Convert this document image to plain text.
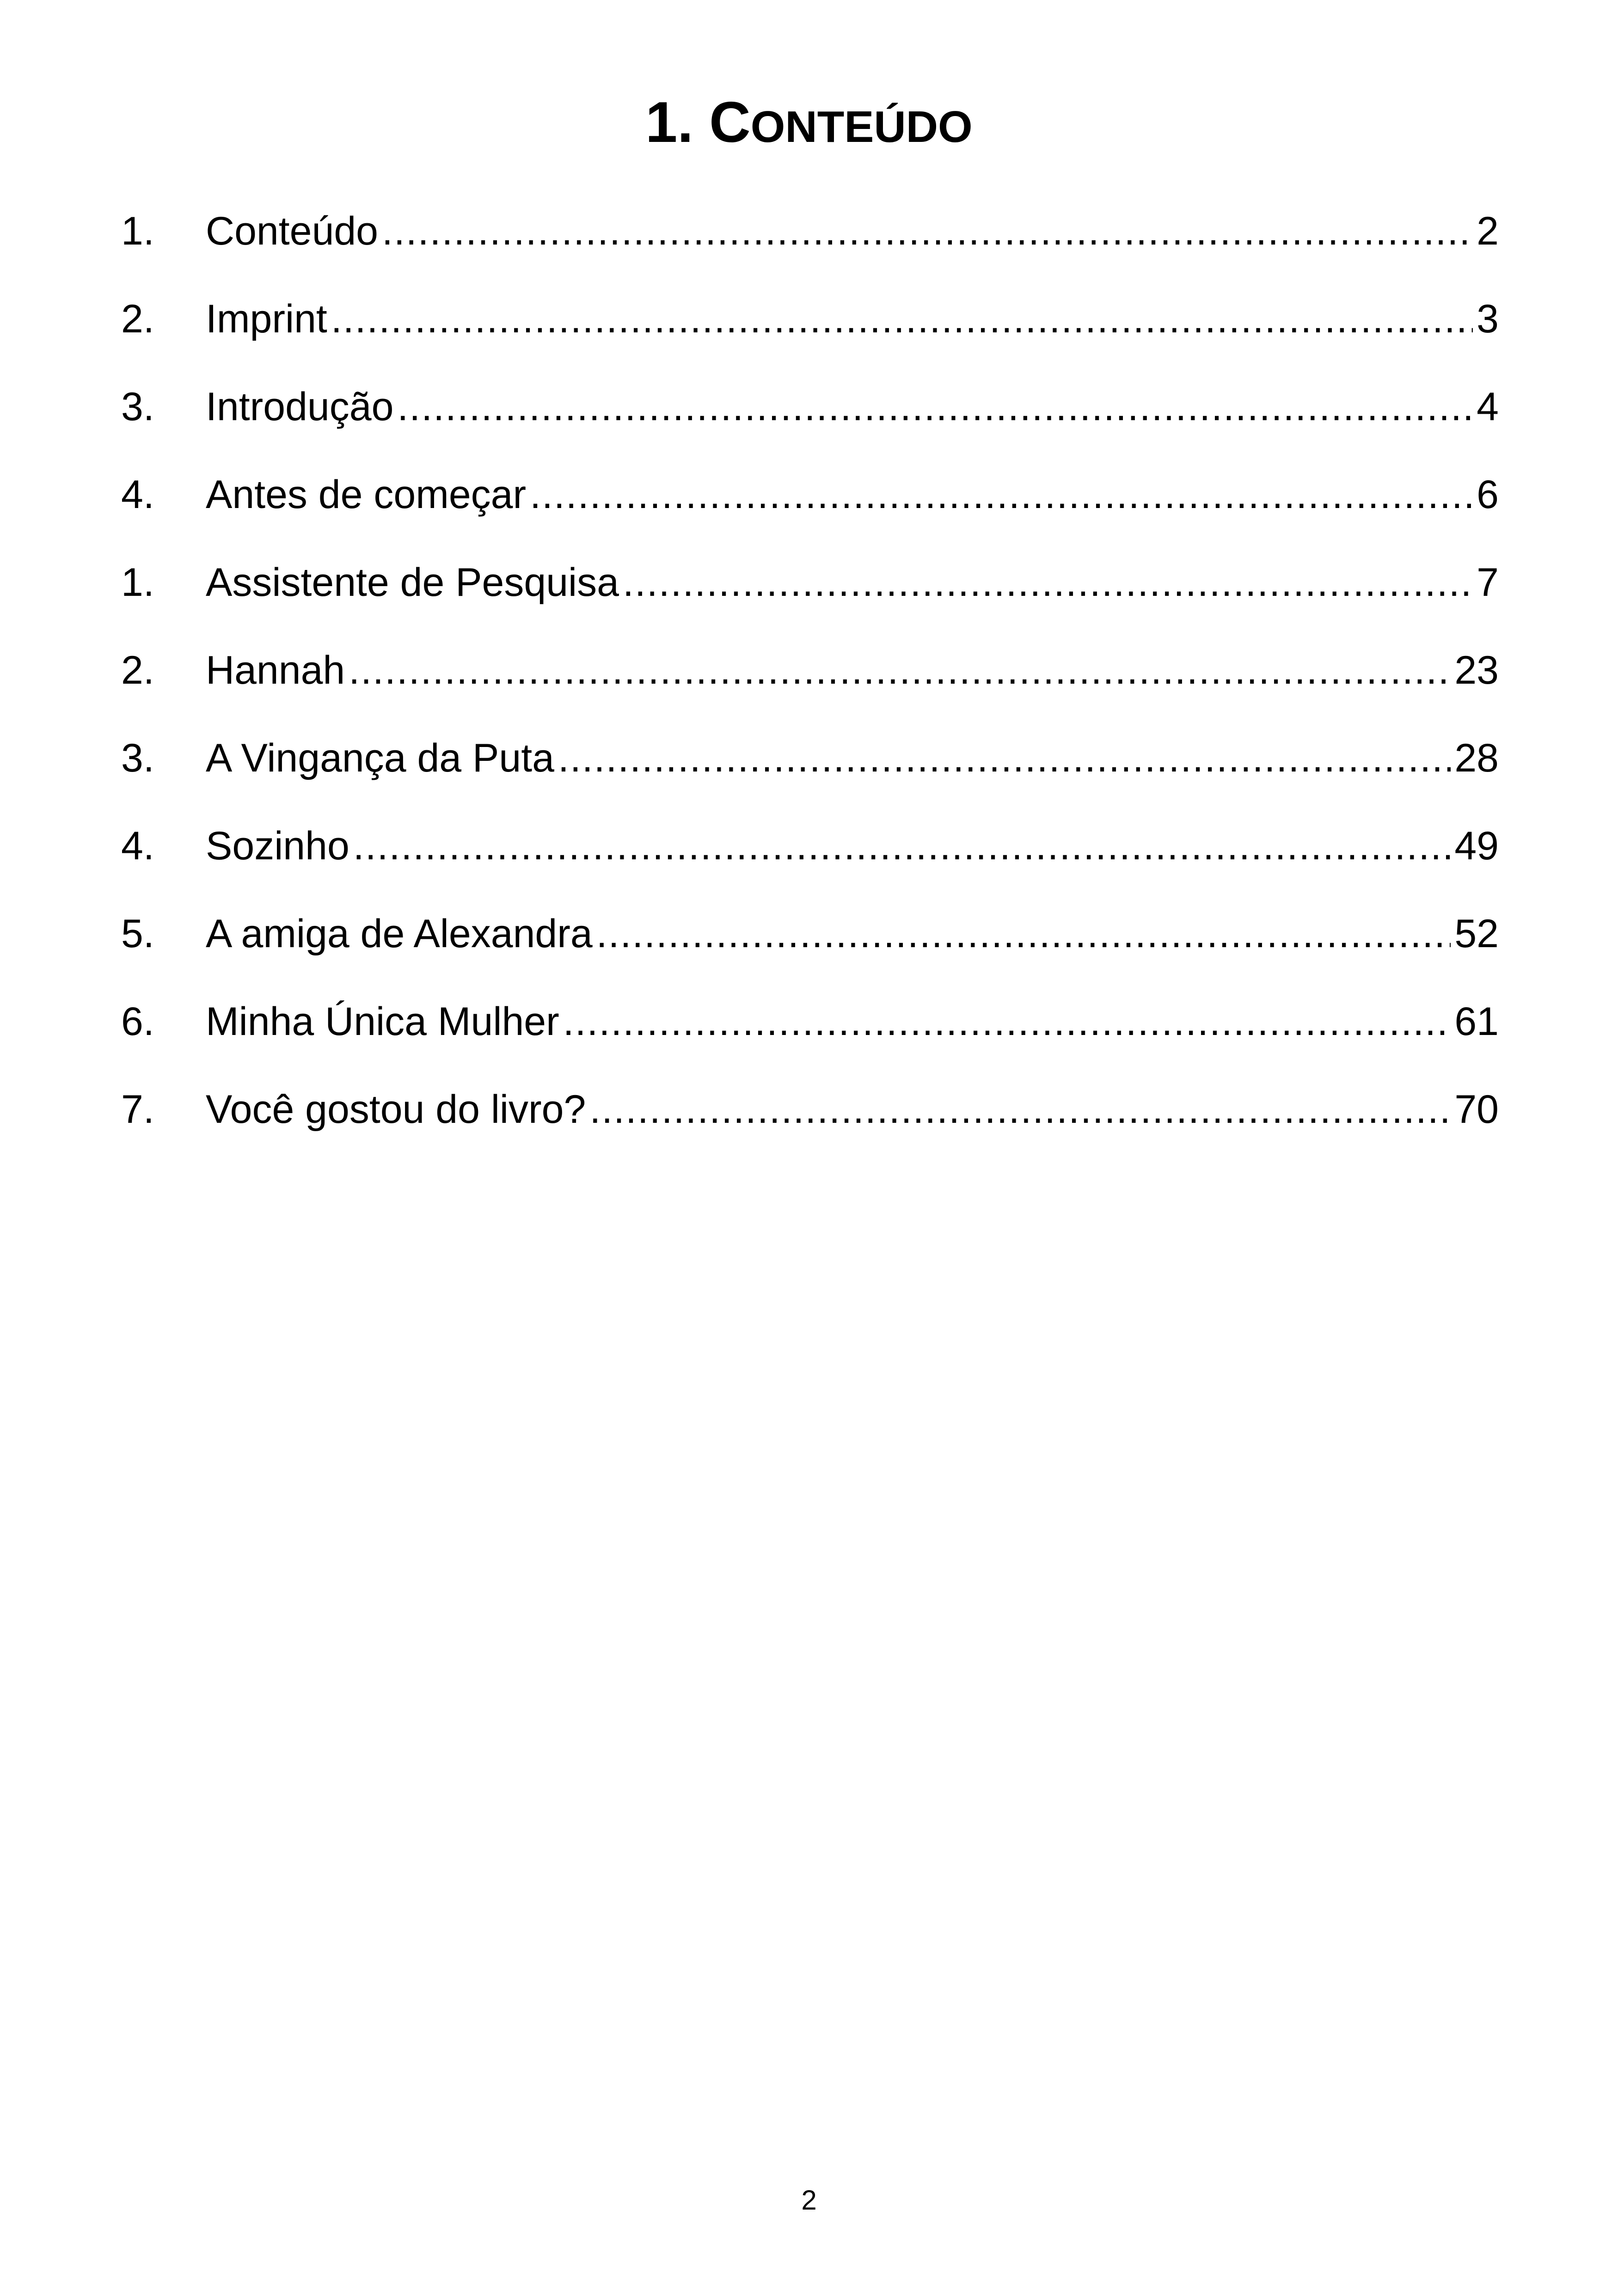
1. CONTEÚDO
1.	Conteúdo .....	2
2.	Imprint .....	3
3.	Introdução .....	4
4.	Antes de começar .....	6
1.	Assistente de Pesquisa .....	7
2.	Hannah .....	23
3.	A Vingança da Puta .....	28
4.	Sozinho .....	49
5.	A amiga de Alexandra .....	52
6.	Minha Única Mulher .....	61
7.	Você gostou do livro? .....	70
2
